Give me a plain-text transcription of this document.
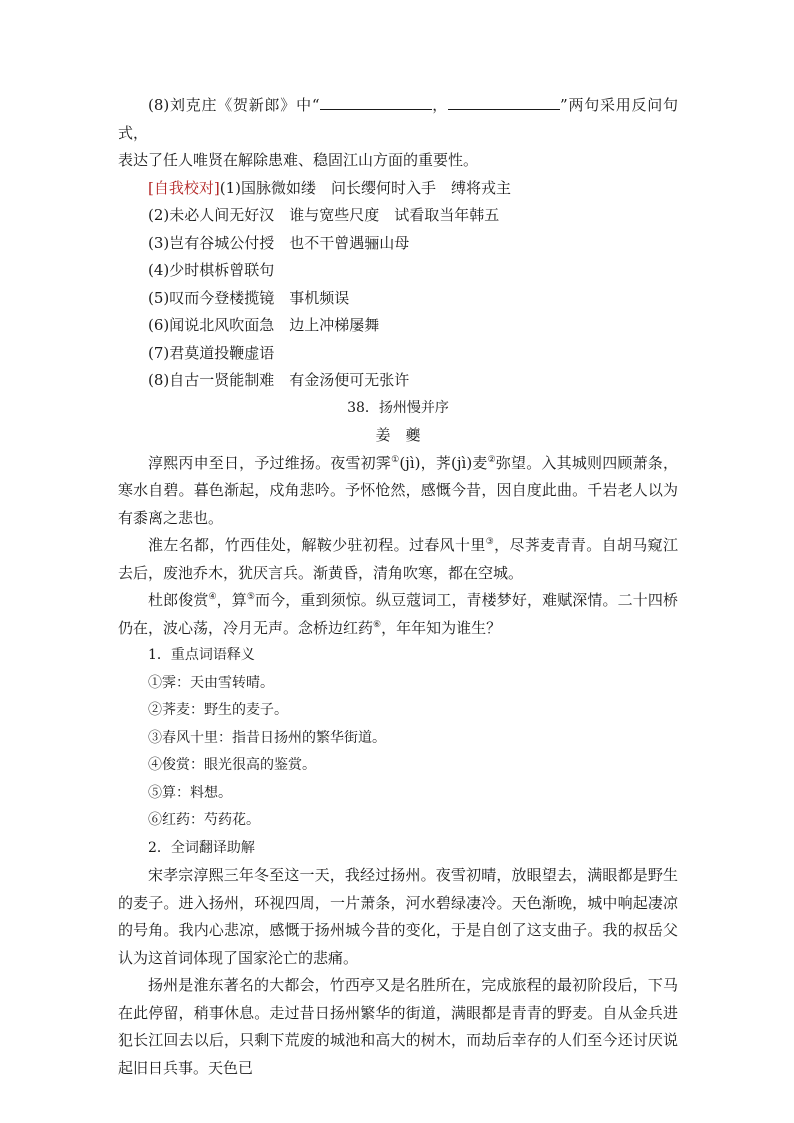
(8)刘克庄《贺新郎》中“	，	”两句采用反问句式，

表达了任人唯贤在解除患难、稳固江山方面的重要性。

[自我校对](1)国脉微如缕　问长缨何时入手　缚将戎主

(2)未必人间无好汉　谁与宽些尺度　试看取当年韩五

(3)岂有谷城公付授　也不干曾遇骊山母

(4)少时棋柝曾联句

(5)叹而今登楼揽镜　事机频误

(6)闻说北风吹面急　边上冲梯屡舞

(7)君莫道投鞭虚语

(8)自古一贤能制难　有金汤便可无张许

38．扬州慢并序

姜　夔

淳熙丙申至日，予过维扬。夜雪初霁①(jì)，荠(jì)麦②弥望。入其城则四顾萧条，寒水自碧。暮色渐起，戍角悲吟。予怀怆然，感慨今昔，因自度此曲。千岩老人以为有黍离之悲也。

淮左名都，竹西佳处，解鞍少驻初程。过春风十里③，尽荠麦青青。自胡马窥江去后，废池乔木，犹厌言兵。渐黄昏，清角吹寒，都在空城。

杜郎俊赏④，算⑤而今，重到须惊。纵豆蔻词工，青楼梦好，难赋深情。二十四桥仍在，波心荡，冷月无声。念桥边红药⑥，年年知为谁生？

1．重点词语释义

①霁：天由雪转晴。

②荠麦：野生的麦子。

③春风十里：指昔日扬州的繁华街道。

④俊赏：眼光很高的鉴赏。

⑤算：料想。

⑥红药：芍药花。

2．全词翻译助解

宋孝宗淳熙三年冬至这一天，我经过扬州。夜雪初晴，放眼望去，满眼都是野生的麦子。进入扬州，环视四周，一片萧条，河水碧绿凄冷。天色渐晚，城中响起凄凉的号角。我内心悲凉，感慨于扬州城今昔的变化，于是自创了这支曲子。我的叔岳父认为这首词体现了国家沦亡的悲痛。

扬州是淮东著名的大都会，竹西亭又是名胜所在，完成旅程的最初阶段后，下马在此停留，稍事休息。走过昔日扬州繁华的街道，满眼都是青青的野麦。自从金兵进犯长江回去以后，只剩下荒废的城池和高大的树木，而劫后幸存的人们至今还讨厌说起旧日兵事。天色已
